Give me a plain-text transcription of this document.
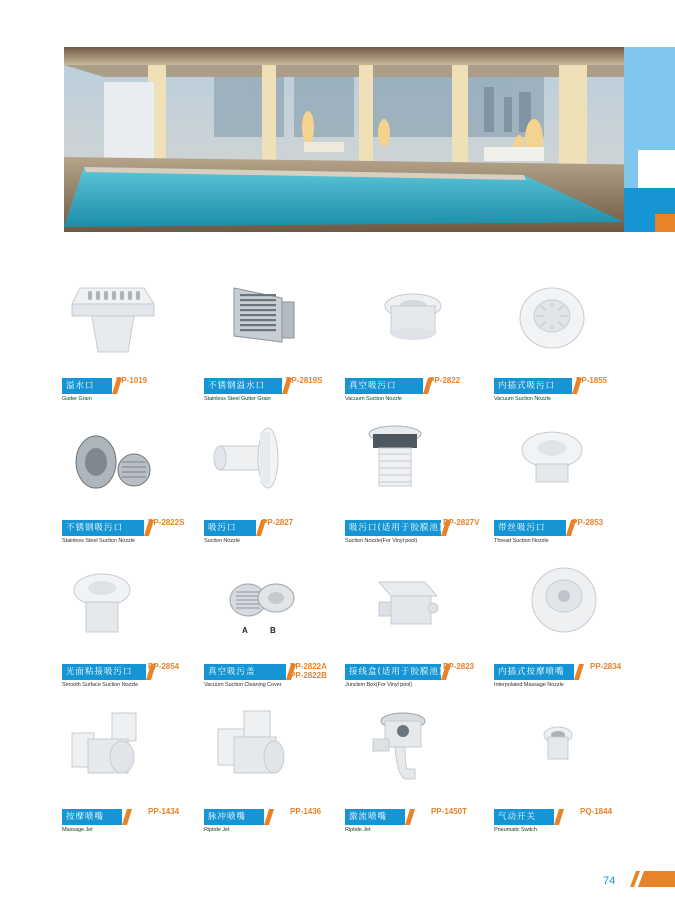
溢水口
PP-1019
Gutter Grain
不锈钢溢水口
PP-2819S
Stainless Steel Gutter Grain
真空吸污口
PP-2822
Vacuum Suction Nozzle
内插式吸污口
PP-1855
Vacuum Suction Nozzle
不锈钢吸污口
PP-2822S
Stainless Steel Suction Nozzle
吸污口
PP-2827
Suction Nozzle
吸污口(适用于胶膜池)
PP-2827V
Suction Nozzle(For Vinyl pool)
带丝吸污口
PP-2853
Thread Suction Nozzle
光面粘接吸污口
PP-2854
Smooth Surface Suction Nozzle
A	B
真空吸污盖
PP-2822A
PP-2822B
Vacuum Suction Cleaning Cover
接线盒(适用于胶膜池)
PP-2823
Junction Box(For Vinyl pool)
内插式按摩喷嘴
PP-2834
Interpolated Massage Nozzle
按摩喷嘴
PP-1434
Massage Jet
脉冲喷嘴
PP-1436
Riptide Jet
激流喷嘴
PP-1450T
Riptide Jet
气动开关
PQ-1844
Pneumatic Switch
74
